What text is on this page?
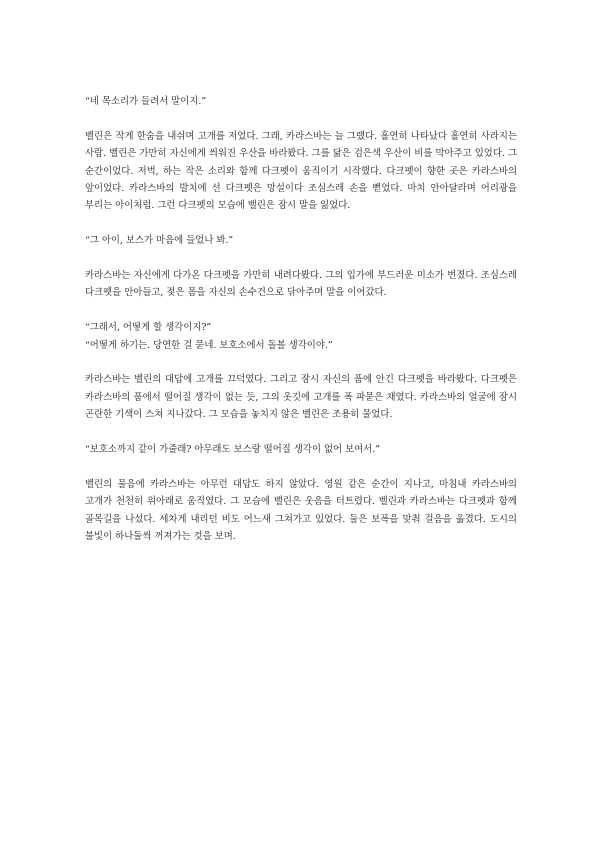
“네 목소리가 들려서 말이지.”

벨린은 작게 한숨을 내쉬며 고개를 저었다. 그래, 카라스바는 늘 그랬다. 홀연히 나타났다 홀연히 사라지는 사람. 벨린은 가만히 자신에게 씌워진 우산을 바라봤다. 그를 닮은 검은색 우산이 비를 막아주고 있었다. 그 순간이었다. 저벅, 하는 작은 소리와 함께 다크펫이 움직이기 시작했다. 다크펫이 향한 곳은 카라스바의 앞이었다. 카라스바의 발치에 선 다크펫은 망설이다 조심스레 손을 뻗었다. 마치 안아달라며 어리광을 부리는 아이처럼. 그런 다크펫의 모습에 벨린은 잠시 말을 잃었다.

“그 아이, 보스가 마음에 들었나 봐.”

카라스바는 자신에게 다가온 다크펫을 가만히 내려다봤다. 그의 입가에 부드러운 미소가 번졌다. 조심스레 다크펫을 안아들고, 젖은 몸을 자신의 손수건으로 닦아주며 말을 이어갔다.

“그래서, 어떻게 할 생각이지?”

“어떻게 하기는. 당연한 걸 묻네. 보호소에서 돌볼 생각이야.”

카라스바는 벨린의 대답에 고개를 끄덕였다. 그리고 잠시 자신의 품에 안긴 다크펫을 바라봤다. 다크펫은 카라스바의 품에서 떨어질 생각이 없는 듯, 그의 옷깃에 고개를 폭 파묻은 채였다. 카라스바의 얼굴에 잠시 곤란한 기색이 스쳐 지나갔다. 그 모습을 놓치지 않은 벨린은 조용히 물었다.

“보호소까지 같이 가줄래? 아무래도 보스랑 떨어질 생각이 없어 보여서.”

벨린의 물음에 카라스바는 아무런 대답도 하지 않았다. 영원 같은 순간이 지나고, 마침내 카라스바의 고개가 천천히 위아래로 움직였다. 그 모습에 벨린은 웃음을 터트렸다. 벨린과 카라스바는 다크펫과 함께 골목길을 나섰다. 세차게 내리던 비도 어느새 그쳐가고 있었다. 둘은 보폭을 맞춰 걸음을 옮겼다. 도시의 불빛이 하나둘씩 꺼져가는 것을 보며.
